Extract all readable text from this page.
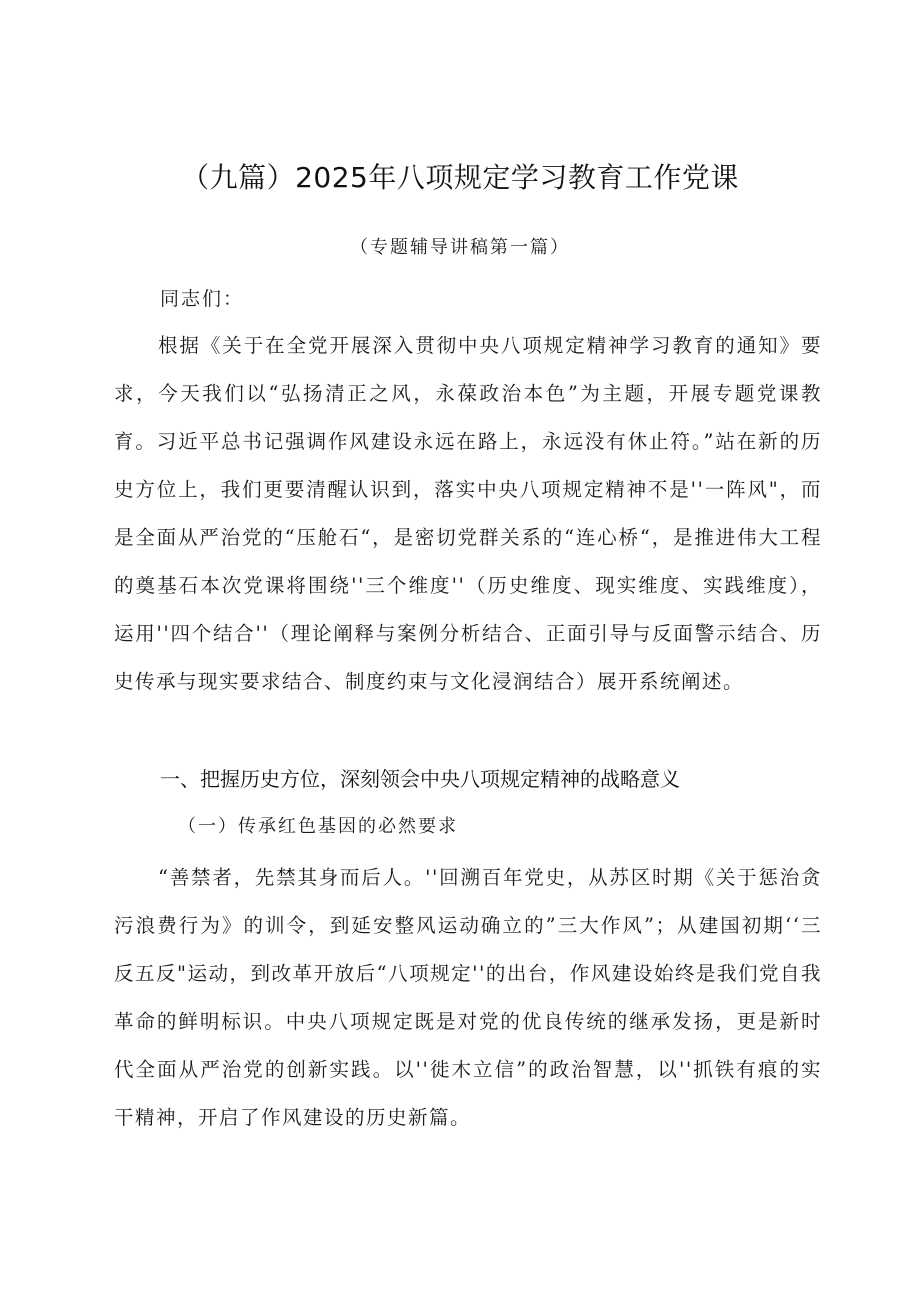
（九篇）2025年八项规定学习教育工作党课
（专题辅导讲稿第一篇）
同志们：

根据《关于在全党开展深入贯彻中央八项规定精神学习教育的通知》要求，今天我们以“弘扬清正之风，永葆政治本色”为主题，开展专题党课教育。习近平总书记强调作风建设永远在路上，永远没有休止符。”站在新的历史方位上，我们更要清醒认识到，落实中央八项规定精神不是''一阵风"，而是全面从严治党的“压舱石“，是密切党群关系的“连心桥“，是推进伟大工程的奠基石本次党课将围绕''三个维度''（历史维度、现实维度、实践维度），运用''四个结合''（理论阐释与案例分析结合、正面引导与反面警示结合、历史传承与现实要求结合、制度约束与文化浸润结合）展开系统阐述。

一、把握历史方位，深刻领会中央八项规定精神的战略意义
（一）传承红色基因的必然要求

“善禁者，先禁其身而后人。''回溯百年党史，从苏区时期《关于惩治贪污浪费行为》的训令，到延安整风运动确立的”三大作风”；从建国初期‘‘三反五反"运动，到改革开放后“八项规定''的出台，作风建设始终是我们党自我革命的鲜明标识。中央八项规定既是对党的优良传统的继承发扬，更是新时代全面从严治党的创新实践。以''徙木立信”的政治智慧，以''抓铁有痕的实干精神，开启了作风建设的历史新篇。
